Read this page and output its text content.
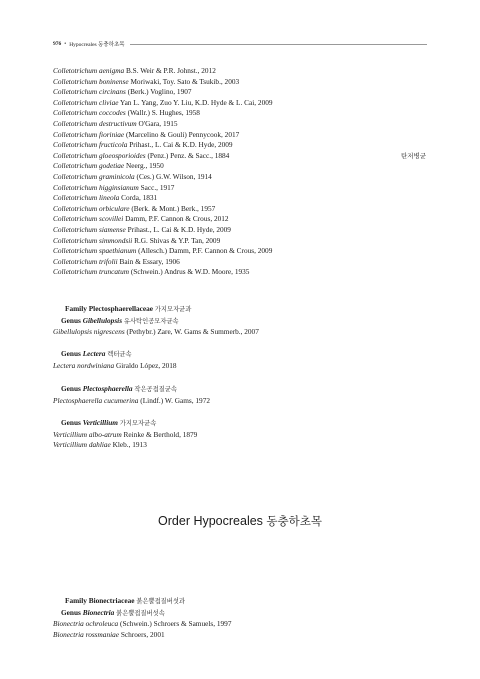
976 • Hypocreales 동충하초목
Colletotrichum aenigma B.S. Weir & P.R. Johnst., 2012
Colletotrichum boninense Moriwaki, Toy. Sato & Tsukib., 2003
Colletotrichum circinans (Berk.) Voglino, 1907
Colletotrichum cliviae Yan L. Yang, Zuo Y. Liu, K.D. Hyde & L. Cai, 2009
Colletotrichum coccodes (Wallr.) S. Hughes, 1958
Colletotrichum destructivum O'Gara, 1915
Colletotrichum fioriniae (Marcelino & Gouli) Pennycook, 2017
Colletotrichum fructicola Prihast., L. Cai & K.D. Hyde, 2009
Colletotrichum gloeosporioides (Penz.) Penz. & Sacc., 1884	탄저병균
Colletotrichum godetiae Neerg., 1950
Colletotrichum graminicola (Ces.) G.W. Wilson, 1914
Colletotrichum higginsianum Sacc., 1917
Colletotrichum lineola Corda, 1831
Colletotrichum orbiculare (Berk. & Mont.) Berk., 1957
Colletotrichum scovillei Damm, P.F. Cannon & Crous, 2012
Colletotrichum siamense Prihast., L. Cai & K.D. Hyde, 2009
Colletotrichum simmondsii R.G. Shivas & Y.P. Tan, 2009
Colletotrichum spaethianum (Allesch.) Damm, P.F. Cannon & Crous, 2009
Colletotrichum trifolii Bain & Essary, 1906
Colletotrichum truncatum (Schwein.) Andrus & W.D. Moore, 1935
Family Plectosphaerellaceae 가지모자균과
Genus Gibellulopsis 유사탁인공모자균속
Gibellulopsis nigrescens (Pethybr.) Zare, W. Gams & Summerb., 2007
Genus Lectera 렉터균속
Lectera nordwiniana Giraldo López, 2018
Genus Plectosphaerella 작은공접질균속
Plectosphaerella cucumerina (Lindf.) W. Gams, 1972
Genus Verticillium 가지모자균속
Verticillium albo-atrum Reinke & Berthold, 1879
Verticillium dahliae Kleb., 1913
Order Hypocreales 동충하초목
Family Bionectriaceae 붉은뿔접질버섯과
Genus Bionectria 붉은뿔접질버섯속
Bionectria ochroleuca (Schwein.) Schroers & Samuels, 1997
Bionectria rossmaniae Schroers, 2001
